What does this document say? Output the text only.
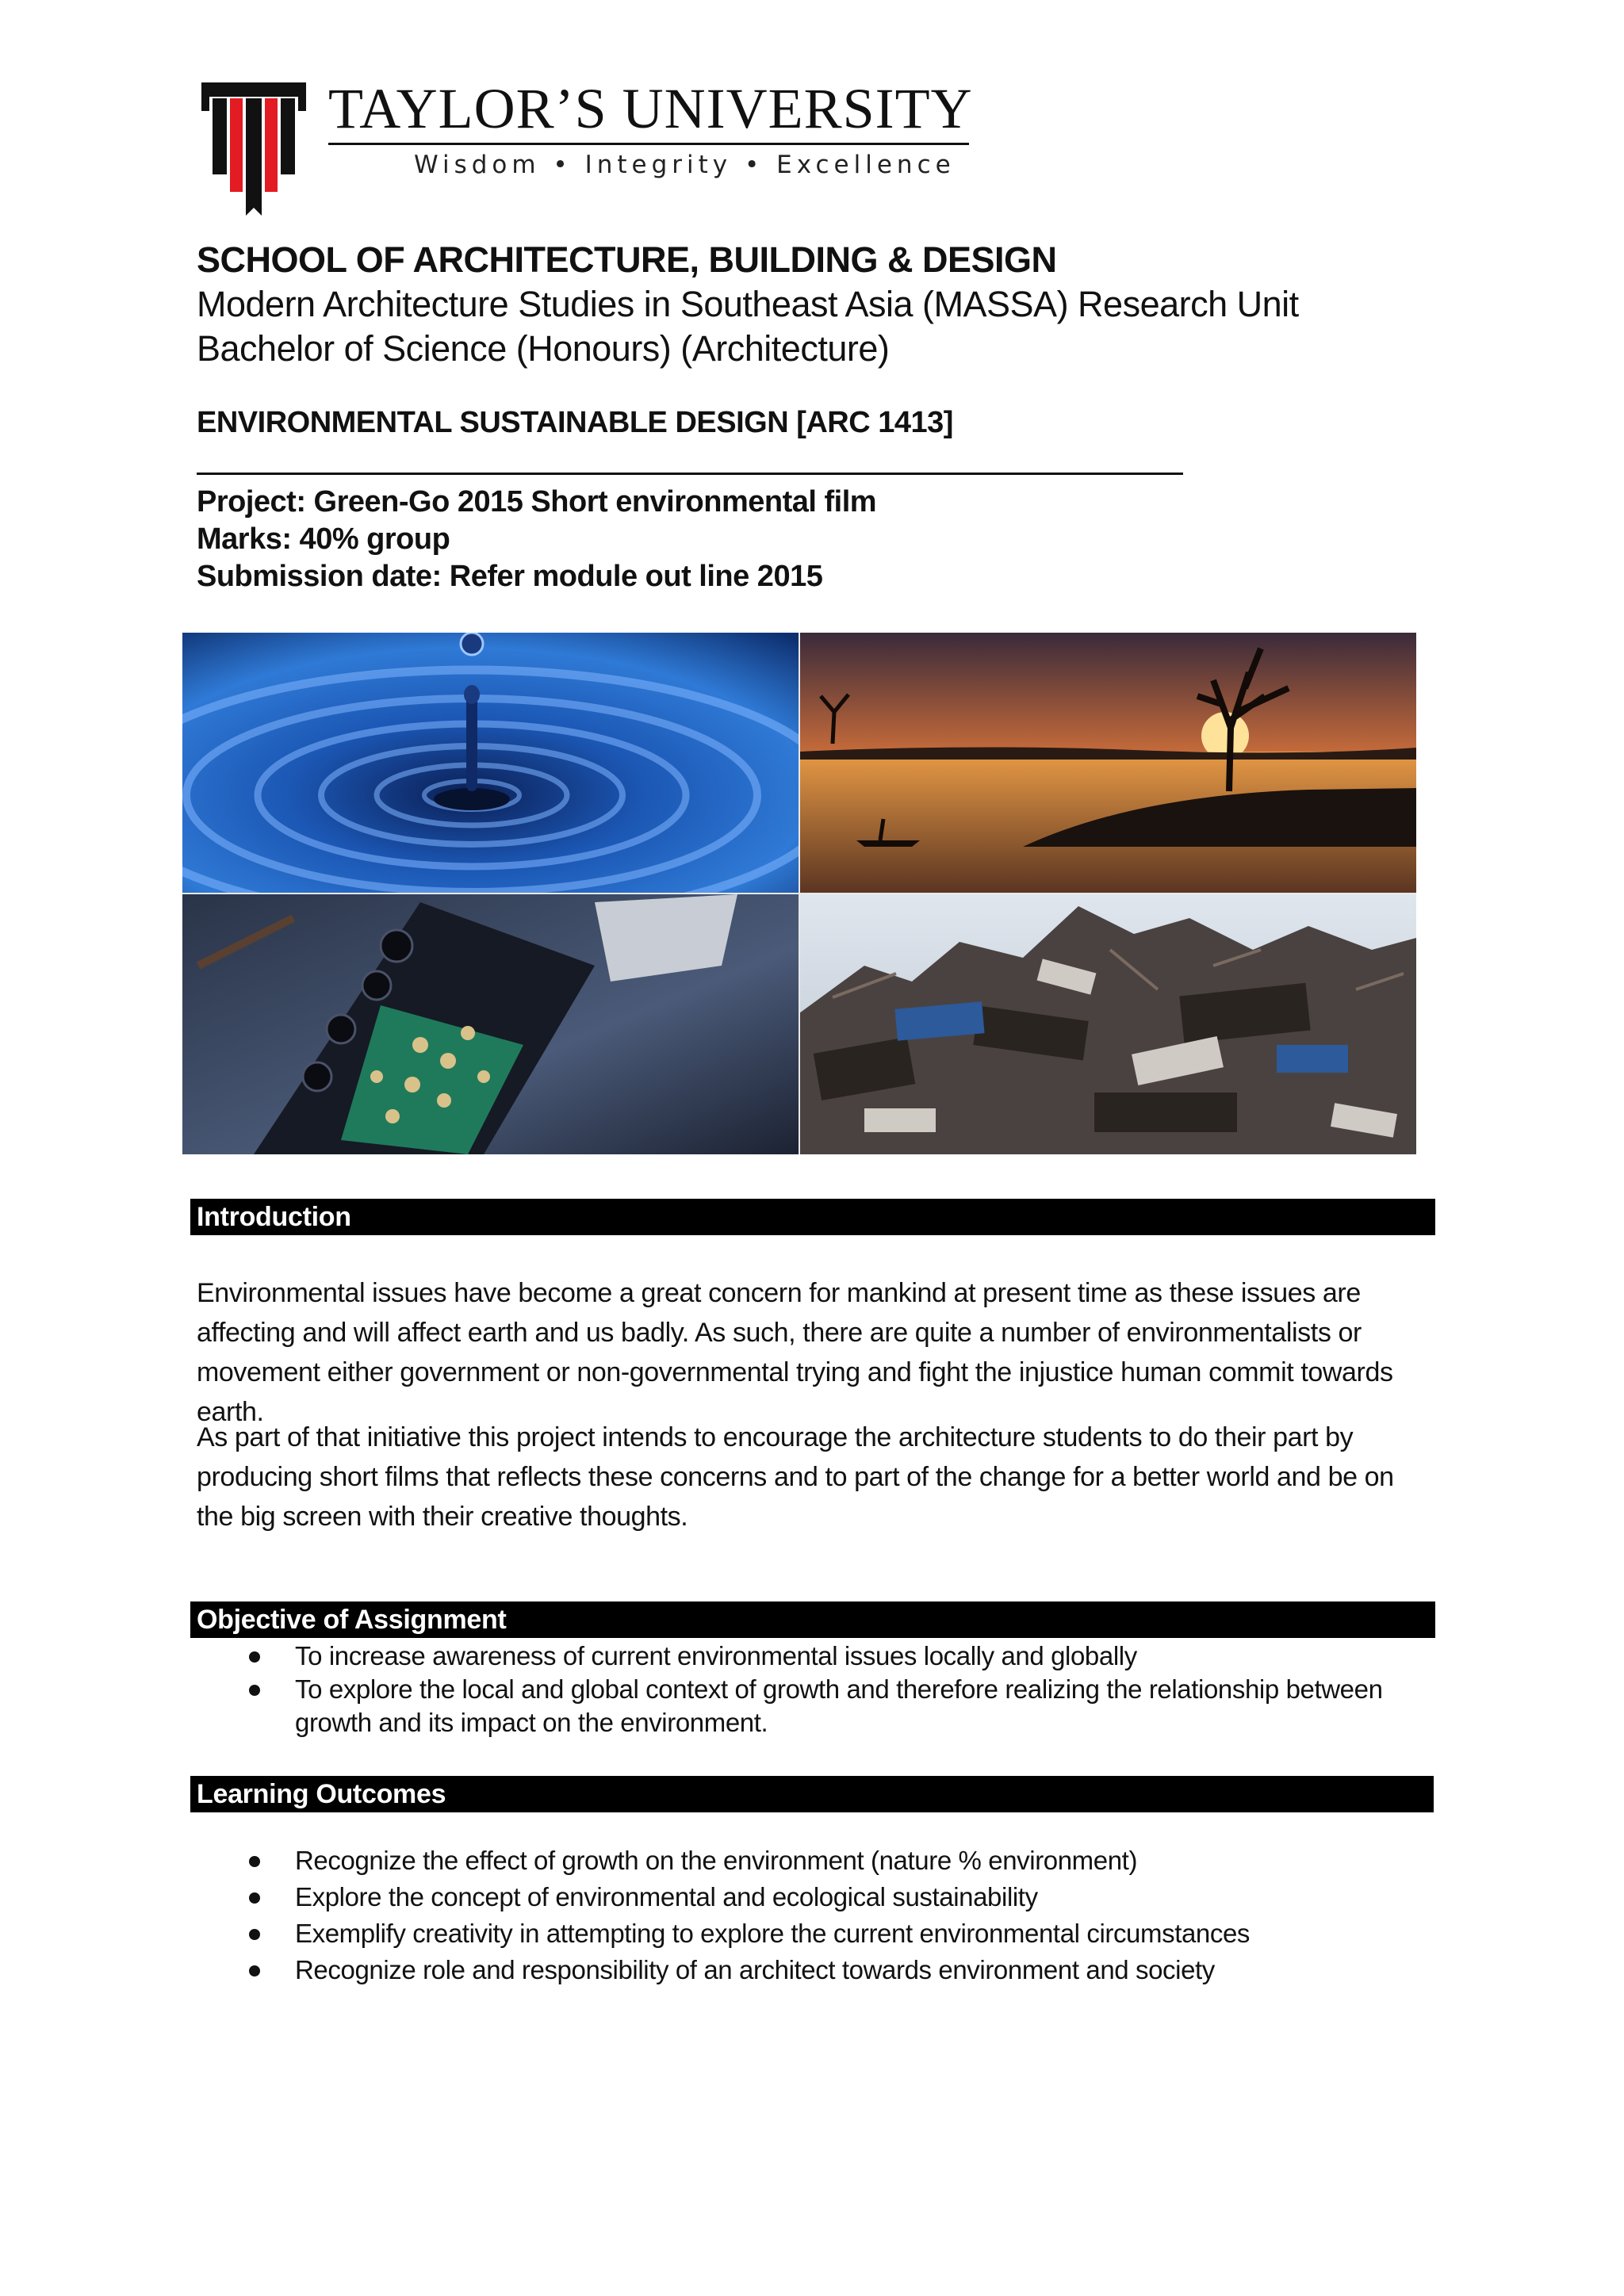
TAYLOR’S UNIVERSITY
Wisdom • Integrity • Excellence
SCHOOL OF ARCHITECTURE, BUILDING & DESIGN
Modern Architecture Studies in Southeast Asia (MASSA) Research Unit
Bachelor of Science (Honours) (Architecture)
ENVIRONMENTAL SUSTAINABLE DESIGN [ARC 1413]
Project: Green-Go 2015 Short environmental film
Marks: 40% group
Submission date: Refer module out line 2015
Introduction
Environmental issues have become a great concern for mankind at present time as these issues are affecting and will affect earth and us badly. As such, there are quite a number of environmentalists or movement either government or non-governmental trying and fight the injustice human commit towards earth.
As part of that initiative this project intends to encourage the architecture students to do their part by producing short films that reflects these concerns and to part of the change for a better world and be on the big screen with their creative thoughts.
Objective of Assignment
To increase awareness of current environmental issues locally and globally
To explore the local and global context of growth and therefore realizing the relationship between growth and its impact on the environment.
Learning Outcomes
Recognize the effect of growth on the environment (nature % environment)
Explore the concept of environmental and ecological sustainability
Exemplify creativity in attempting to explore the current environmental circumstances
Recognize role and responsibility of an architect towards environment and society
